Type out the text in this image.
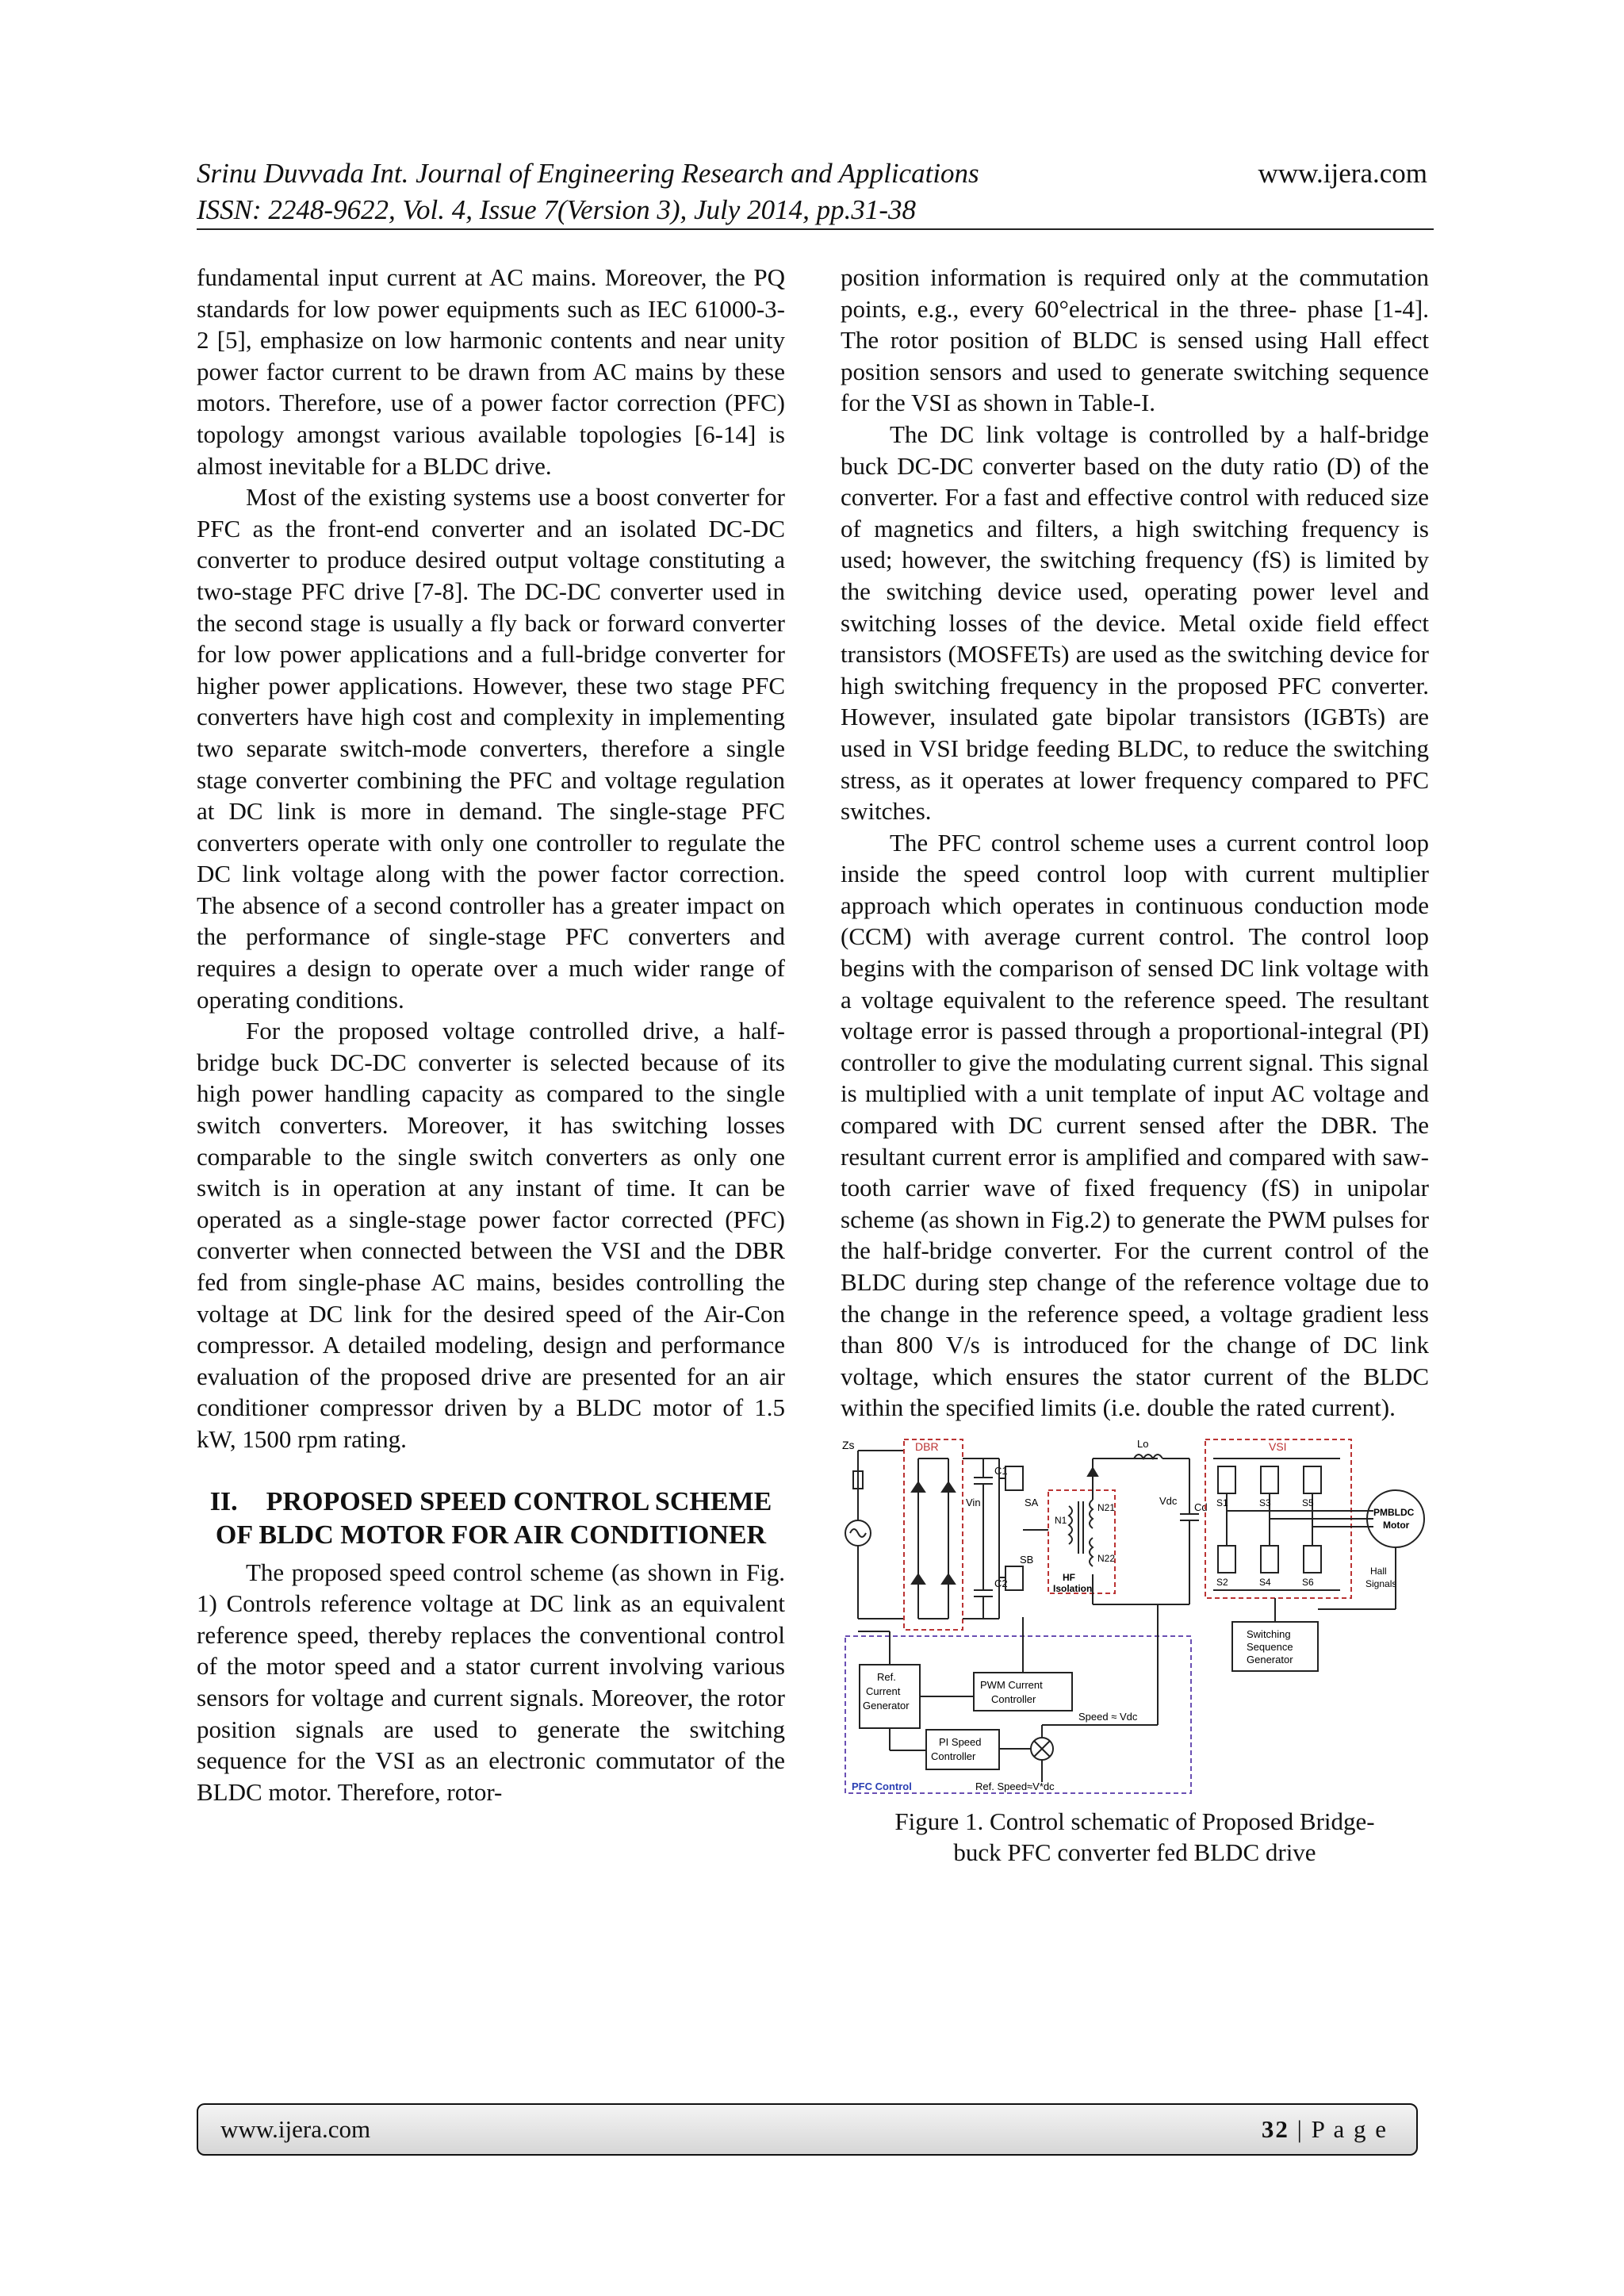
Srinu Duvvada Int. Journal of Engineering Research and Applications	www.ijera.com
ISSN: 2248-9622, Vol. 4, Issue 7(Version 3), July 2014, pp.31-38

fundamental input current at AC mains. Moreover, the PQ standards for low power equipments such as IEC 61000-3-2 [5], emphasize on low harmonic contents and near unity power factor current to be drawn from AC mains by these motors. Therefore, use of a power factor correction (PFC) topology amongst various available topologies [6-14] is almost inevitable for a BLDC drive.

Most of the existing systems use a boost converter for PFC as the front-end converter and an isolated DC-DC converter to produce desired output voltage constituting a two-stage PFC drive [7-8]. The DC-DC converter used in the second stage is usually a fly back or forward converter for low power applications and a full-bridge converter for higher power applications. However, these two stage PFC converters have high cost and complexity in implementing two separate switch-mode converters, therefore a single stage converter combining the PFC and voltage regulation at DC link is more in demand. The single-stage PFC converters operate with only one controller to regulate the DC link voltage along with the power factor correction. The absence of a second controller has a greater impact on the performance of single-stage PFC converters and requires a design to operate over a much wider range of operating conditions.

For the proposed voltage controlled drive, a half-bridge buck DC-DC converter is selected because of its high power handling capacity as compared to the single switch converters. Moreover, it has switching losses comparable to the single switch converters as only one switch is in operation at any instant of time. It can be operated as a single-stage power factor corrected (PFC) converter when connected between the VSI and the DBR fed from single-phase AC mains, besides controlling the voltage at DC link for the desired speed of the Air-Con compressor. A detailed modeling, design and performance evaluation of the proposed drive are presented for an air conditioner compressor driven by a BLDC motor of 1.5 kW, 1500 rpm rating.

II. PROPOSED SPEED CONTROL SCHEME OF BLDC MOTOR FOR AIR CONDITIONER

The proposed speed control scheme (as shown in Fig. 1) Controls reference voltage at DC link as an equivalent reference speed, thereby replaces the conventional control of the motor speed and a stator current involving various sensors for voltage and current signals. Moreover, the rotor position signals are used to generate the switching sequence for the VSI as an electronic commutator of the BLDC motor. Therefore, rotor-

position information is required only at the commutation points, e.g., every 60°electrical in the three- phase [1-4]. The rotor position of BLDC is sensed using Hall effect position sensors and used to generate switching sequence for the VSI as shown in Table-I.

The DC link voltage is controlled by a half-bridge buck DC-DC converter based on the duty ratio (D) of the converter. For a fast and effective control with reduced size of magnetics and filters, a high switching frequency is used; however, the switching frequency (fS) is limited by the switching device used, operating power level and switching losses of the device. Metal oxide field effect transistors (MOSFETs) are used as the switching device for high switching frequency in the proposed PFC converter. However, insulated gate bipolar transistors (IGBTs) are used in VSI bridge feeding BLDC, to reduce the switching stress, as it operates at lower frequency compared to PFC switches.

The PFC control scheme uses a current control loop inside the speed control loop with current multiplier approach which operates in continuous conduction mode (CCM) with average current control. The control loop begins with the comparison of sensed DC link voltage with a voltage equivalent to the reference speed. The resultant voltage error is passed through a proportional-integral (PI) controller to give the modulating current signal. This signal is multiplied with a unit template of input AC voltage and compared with DC current sensed after the DBR. The resultant current error is amplified and compared with saw-tooth carrier wave of fixed frequency (fS) in unipolar scheme (as shown in Fig.2) to generate the PWM pulses for the half-bridge converter. For the current control of the BLDC during step change of the reference voltage due to the change in the reference speed, a voltage gradient less than 800 V/s is introduced for the change of DC link voltage, which ensures the stator current of the BLDC within the specified limits (i.e. double the rated current).

Zs	DBR
Vin
C1
C2
SA
SB
N1
N21
N22
HF
Isolation
Lo
Vdc
Cd
VSI
S1	S3	S5
S2	S4	S6
PMBLDC
Motor
Hall
Signals
Switching
Sequence
Generator
Ref.
Current
Generator
PWM Current
Controller
PI Speed
Controller
Speed ≈ Vdc
PFC Control	Ref. Speed≈V*dc
Figure 1. Control schematic of Proposed Bridge-
buck PFC converter fed BLDC drive
www.ijera.com	32 | P a g e
